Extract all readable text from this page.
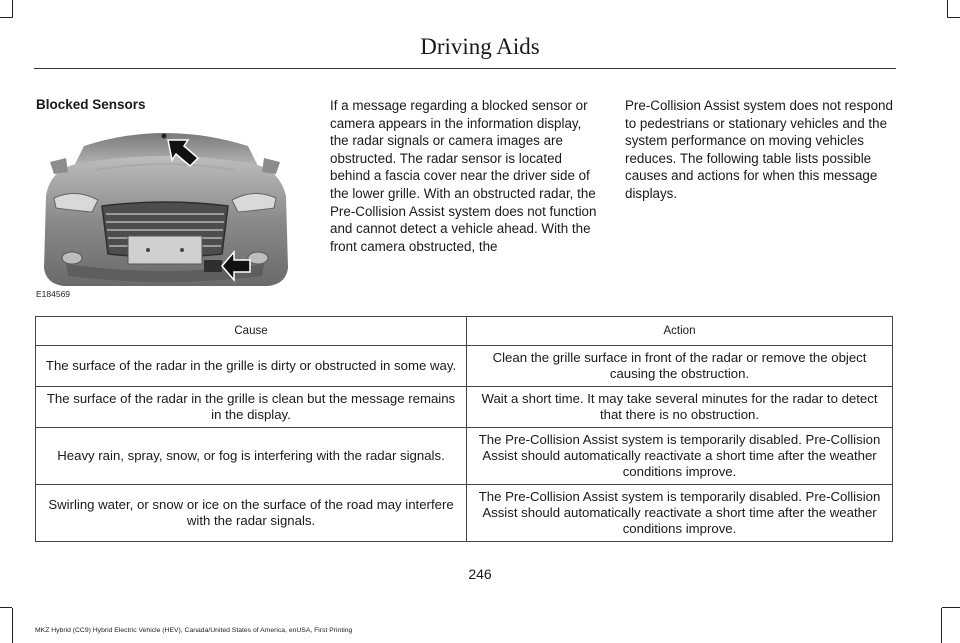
Driving Aids
Blocked Sensors
E184569
If a message regarding a blocked sensor or camera appears in the information display, the radar signals or camera images are obstructed. The radar sensor is located behind a fascia cover near the driver side of the lower grille. With an obstructed radar, the Pre-Collision Assist system does not function and cannot detect a vehicle ahead. With the front camera obstructed, the
Pre-Collision Assist system does not respond to pedestrians or stationary vehicles and the system performance on moving vehicles reduces. The following table lists possible causes and actions for when this message displays.
Cause	Action
The surface of the radar in the grille is dirty or obstructed in some way.	Clean the grille surface in front of the radar or remove the object causing the obstruction.
The surface of the radar in the grille is clean but the message remains in the display.	Wait a short time. It may take several minutes for the radar to detect that there is no obstruction.
Heavy rain, spray, snow, or fog is interfering with the radar signals.	The Pre-Collision Assist system is temporarily disabled. Pre-Collision Assist should automatically reactivate a short time after the weather conditions improve.
Swirling water, or snow or ice on the surface of the road may interfere with the radar signals.	The Pre-Collision Assist system is temporarily disabled. Pre-Collision Assist should automatically reactivate a short time after the weather conditions improve.
246
MKZ Hybrid (CC9) Hybrid Electric Vehicle (HEV), Canada/United States of America, enUSA, First Printing
